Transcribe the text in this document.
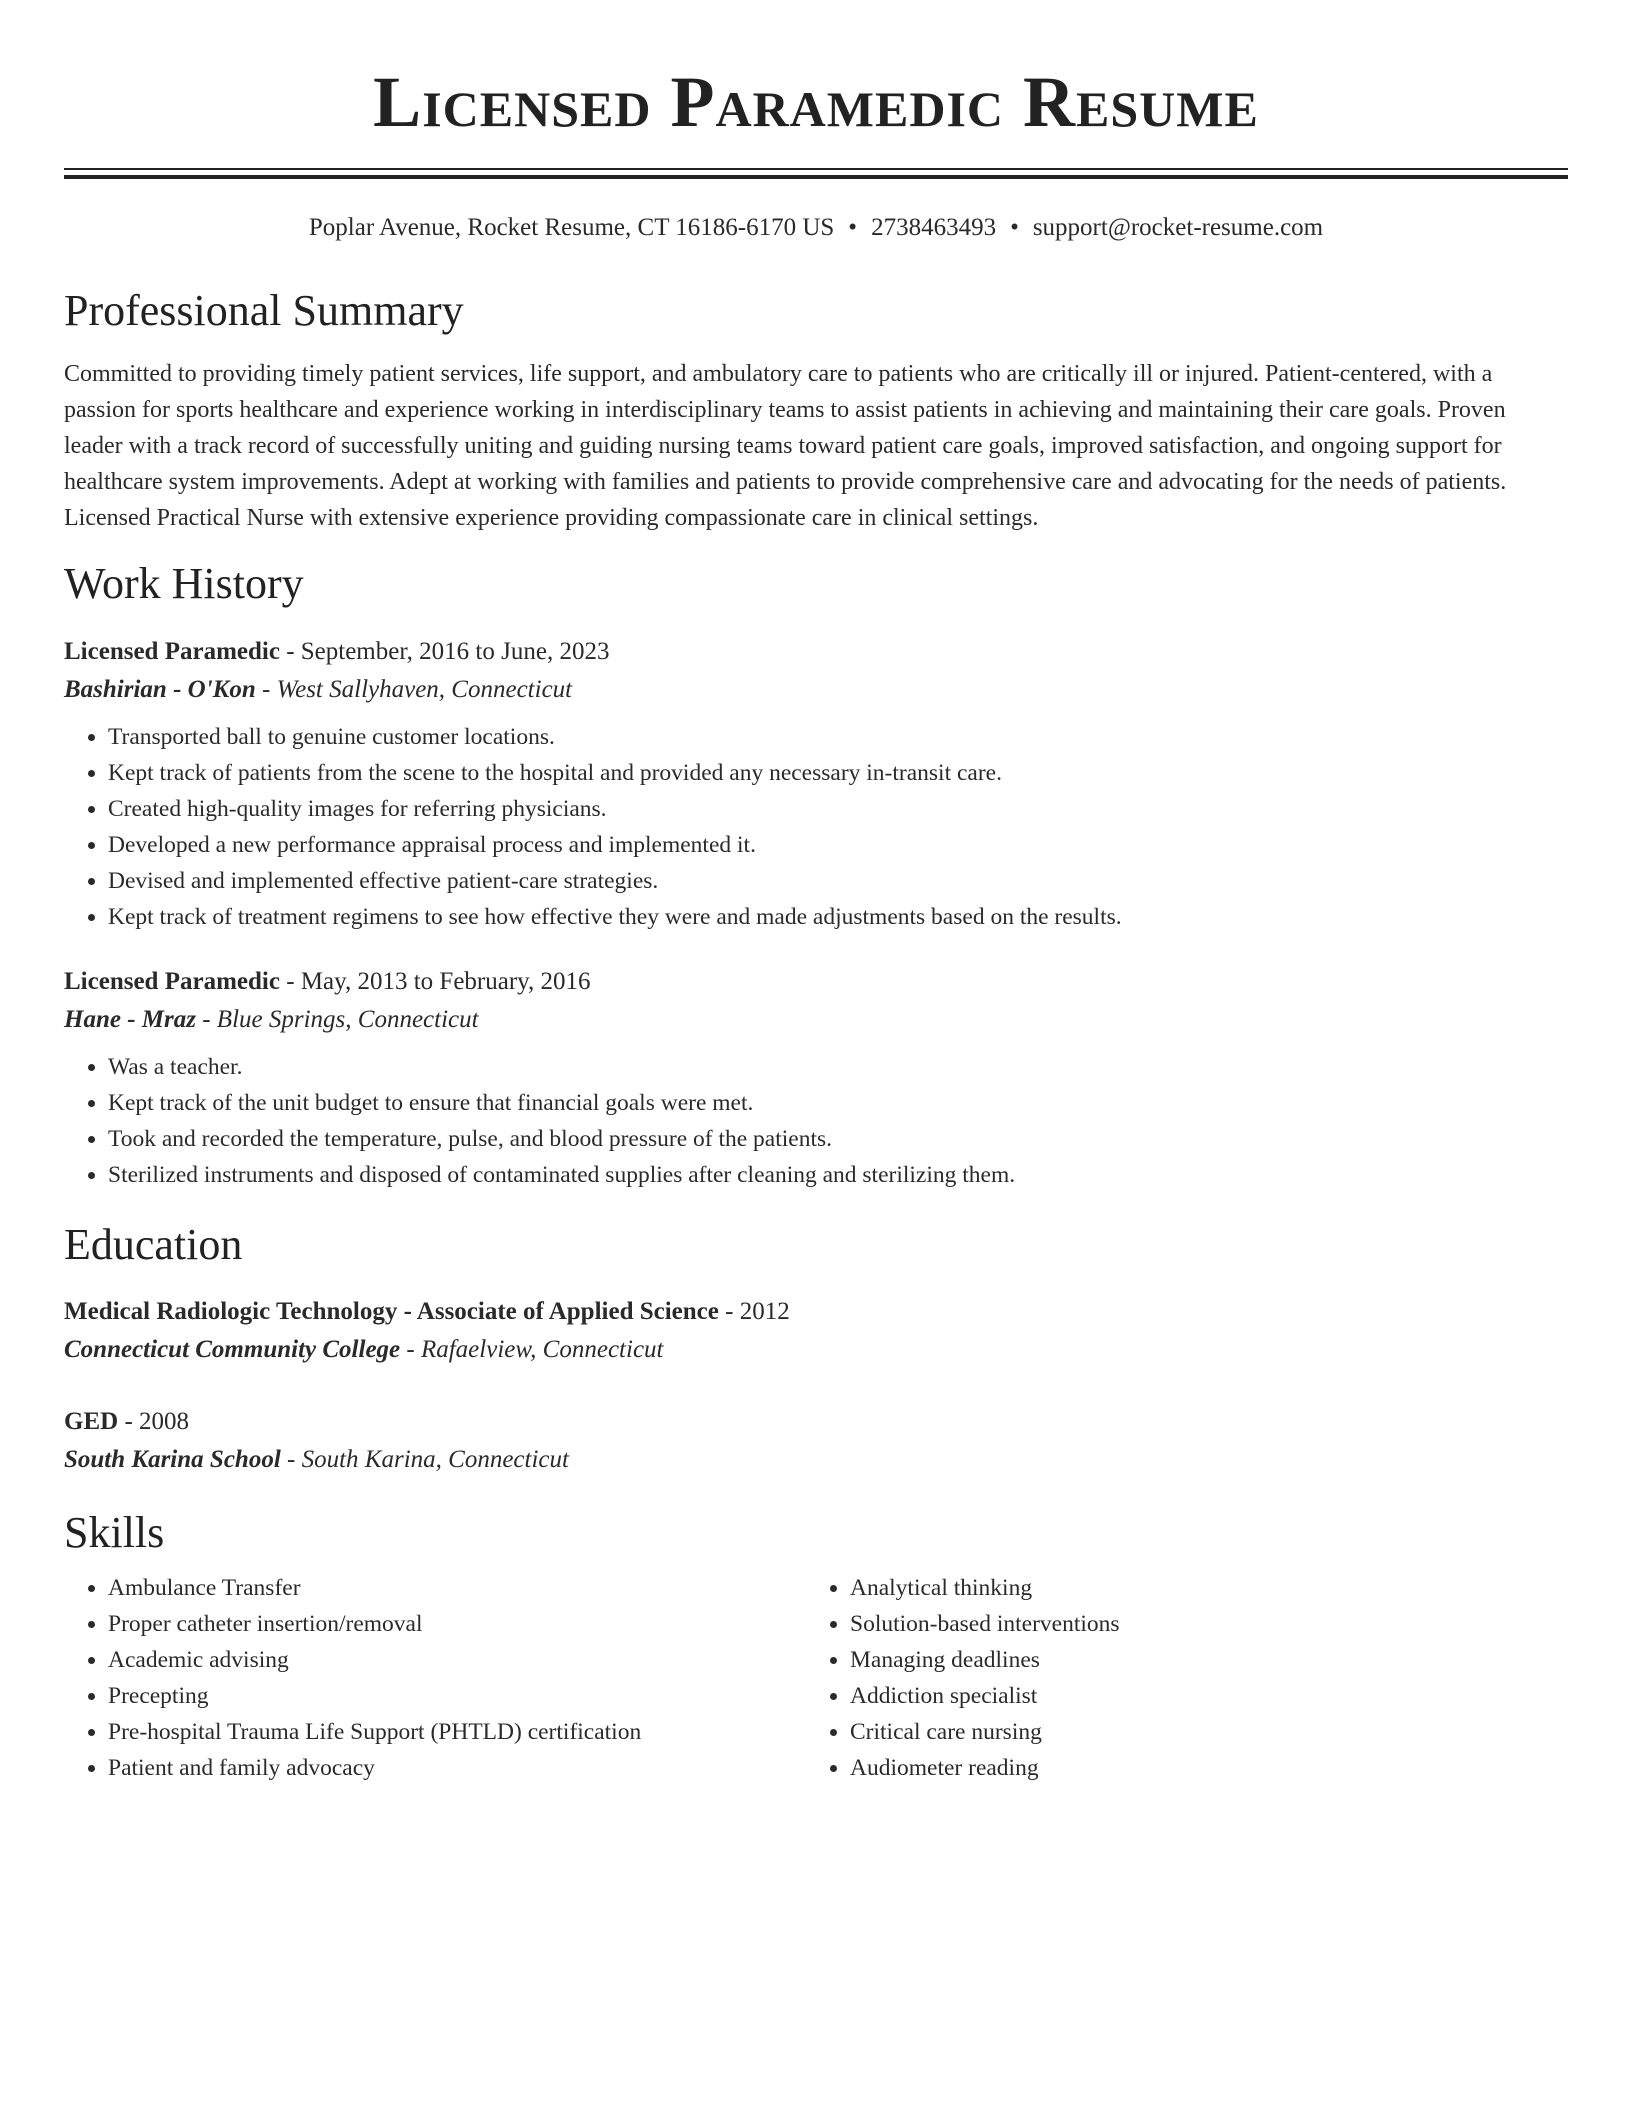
Licensed Paramedic Resume
Poplar Avenue, Rocket Resume, CT 16186-6170 US • 2738463493 • support@rocket-resume.com
Professional Summary
Committed to providing timely patient services, life support, and ambulatory care to patients who are critically ill or injured. Patient-centered, with a passion for sports healthcare and experience working in interdisciplinary teams to assist patients in achieving and maintaining their care goals. Proven leader with a track record of successfully uniting and guiding nursing teams toward patient care goals, improved satisfaction, and ongoing support for healthcare system improvements. Adept at working with families and patients to provide comprehensive care and advocating for the needs of patients. Licensed Practical Nurse with extensive experience providing compassionate care in clinical settings.
Work History
Licensed Paramedic - September, 2016 to June, 2023
Bashirian - O'Kon - West Sallyhaven, Connecticut
• Transported ball to genuine customer locations.
• Kept track of patients from the scene to the hospital and provided any necessary in-transit care.
• Created high-quality images for referring physicians.
• Developed a new performance appraisal process and implemented it.
• Devised and implemented effective patient-care strategies.
• Kept track of treatment regimens to see how effective they were and made adjustments based on the results.
Licensed Paramedic - May, 2013 to February, 2016
Hane - Mraz - Blue Springs, Connecticut
• Was a teacher.
• Kept track of the unit budget to ensure that financial goals were met.
• Took and recorded the temperature, pulse, and blood pressure of the patients.
• Sterilized instruments and disposed of contaminated supplies after cleaning and sterilizing them.
Education
Medical Radiologic Technology - Associate of Applied Science - 2012
Connecticut Community College - Rafaelview, Connecticut
GED - 2008
South Karina School - South Karina, Connecticut
Skills
• Ambulance Transfer
• Proper catheter insertion/removal
• Academic advising
• Precepting
• Pre-hospital Trauma Life Support (PHTLD) certification
• Patient and family advocacy
• Analytical thinking
• Solution-based interventions
• Managing deadlines
• Addiction specialist
• Critical care nursing
• Audiometer reading
